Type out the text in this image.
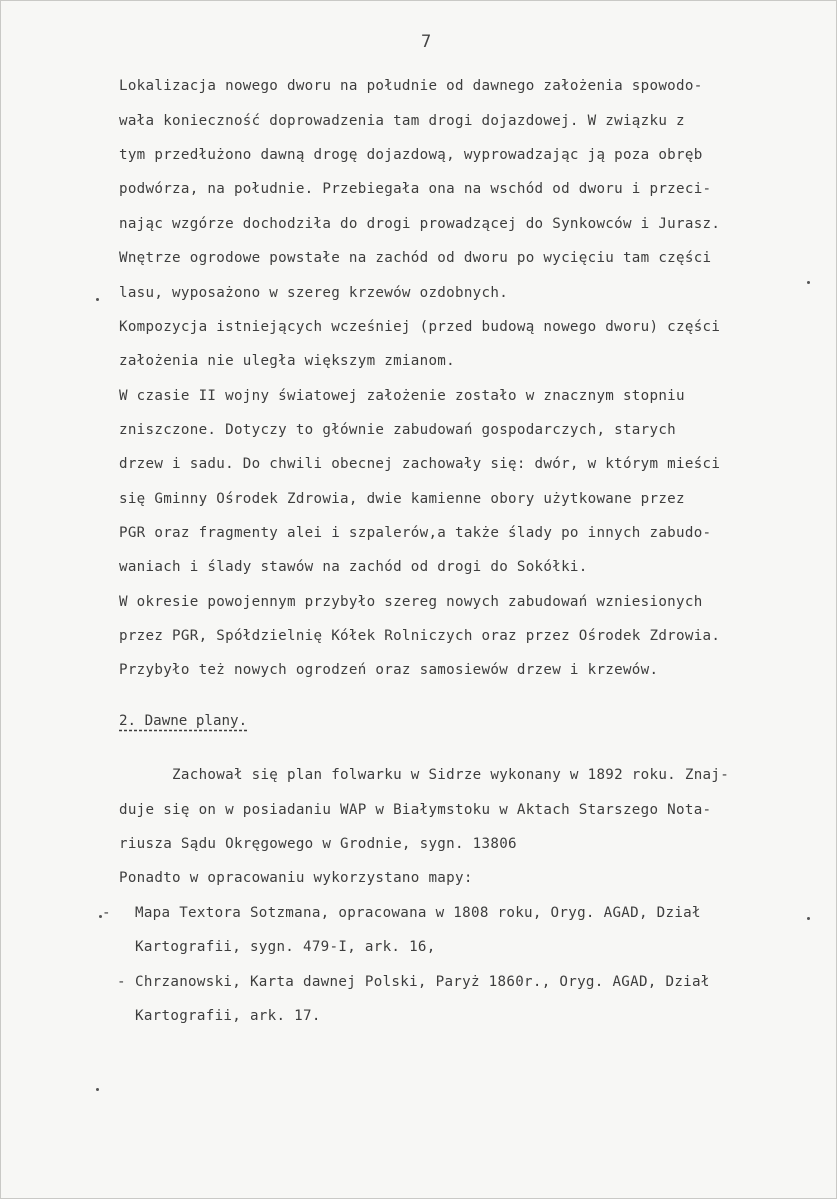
7
Lokalizacja nowego dworu na południe od dawnego założenia spowodo-
wała konieczność doprowadzenia tam drogi dojazdowej. W związku z
tym przedłużono dawną drogę dojazdową, wyprowadzając ją poza obręb
podwórza, na południe. Przebiegała ona na wschód od dworu i przeci-
nając wzgórze dochodziła do drogi prowadzącej do Synkowców i Jurasz.
Wnętrze ogrodowe powstałe na zachód od dworu po wycięciu tam części
lasu, wyposażono w szereg krzewów ozdobnych.
Kompozycja istniejących wcześniej (przed budową nowego dworu) części
założenia nie uległa większym zmianom.
W czasie II wojny światowej założenie zostało w znacznym stopniu
zniszczone. Dotyczy to głównie zabudowań gospodarczych, starych
drzew i sadu. Do chwili obecnej zachowały się: dwór, w którym mieści
się Gminny Ośrodek Zdrowia, dwie kamienne obory użytkowane przez
PGR oraz fragmenty alei i szpalerów,a także ślady po innych zabudo-
waniach i ślady stawów na zachód od drogi do Sokółki.
W okresie powojennym przybyło szereg nowych zabudowań wzniesionych
przez PGR, Spółdzielnię Kółek Rolniczych oraz przez Ośrodek Zdrowia.
Przybyło też nowych ogrodzeń oraz samosiewów drzew i krzewów.
2. Dawne plany.
Zachował się plan folwarku w Sidrze wykonany w 1892 roku. Znaj-
duje się on w posiadaniu WAP w Białymstoku w Aktach Starszego Nota-
riusza Sądu Okręgowego w Grodnie, sygn. 13806
Ponadto w opracowaniu wykorzystano mapy:
- Mapa Textora Sotzmana, opracowana w 1808 roku, Oryg. AGAD, Dział
Kartografii, sygn. 479-I, ark. 16,
- Chrzanowski, Karta dawnej Polski, Paryż 1860r., Oryg. AGAD, Dział
Kartografii, ark. 17.
